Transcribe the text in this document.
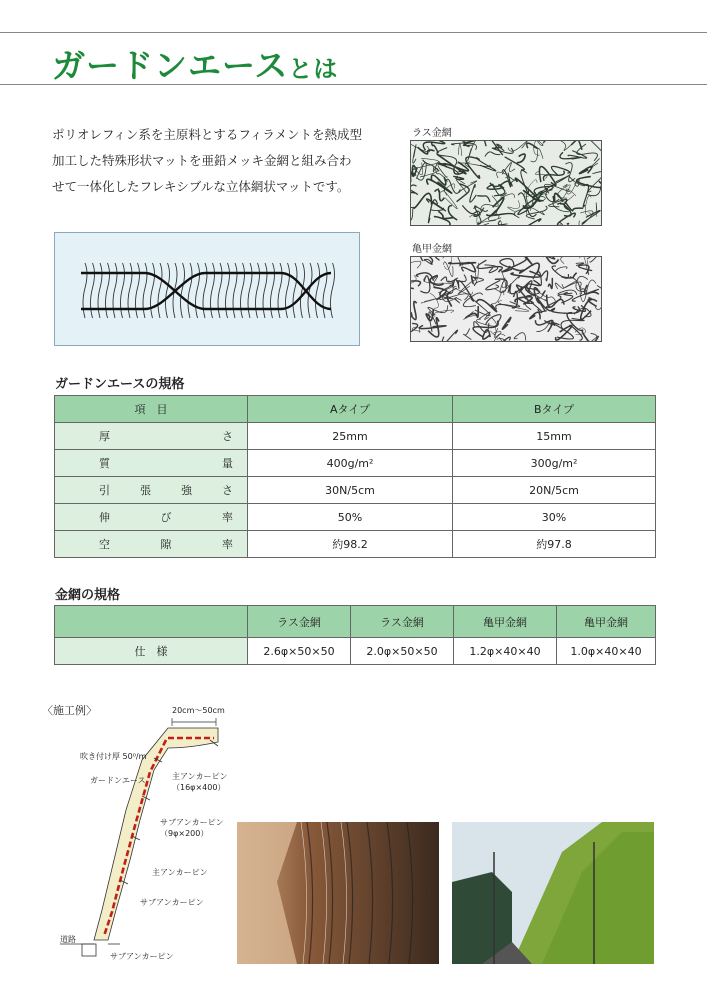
ガードンエースとは
ポリオレフィン系を主原料とするフィラメントを熱成型
加工した特殊形状マットを亜鉛メッキ金網と組み合わ
せて一体化したフレキシブルな立体網状マットです。
ラス金網
亀甲金網
ガードンエースの規格
項　目	Aタイプ	Bタイプ

厚 さ	25mm	15mm

質 量	400g/m²	300g/m²

引 張 強 さ	30N/5cm	20N/5cm

伸 び 率	50%	30%

空 隙 率	約98.2	約97.8
金網の規格
	ラス金網	ラス金網	亀甲金網	亀甲金網
仕　様	2.6φ×50×50	2.0φ×50×50	1.2φ×40×40	1.0φ×40×40
〈施工例〉	20cm〜50cm
吹き付け厚 50⁰/m
ガードンエース	主アンカーピン
（16φ×400）
サブアンカーピン
（9φ×200）
主アンカーピン
サブアンカーピン
道路
サブアンカーピン
